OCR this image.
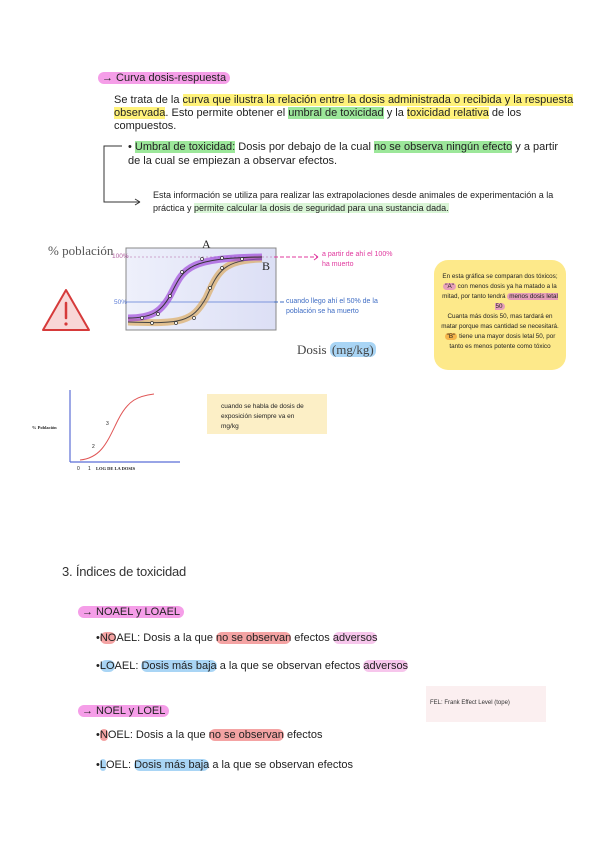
→ Curva dosis-respuesta

Se trata de la curva que ilustra la relación entre la dosis administrada o recibida y la respuesta observada. Esto permite obtener el umbral de toxicidad y la toxicidad relativa de los compuestos.

• Umbral de toxicidad: Dosis por debajo de la cual no se observa ningún efecto y a partir de la cual se empiezan a observar efectos.

Esta información se utiliza para realizar las extrapolaciones desde animales de experimentación a la práctica y permite calcular la dosis de seguridad para una sustancia dada.

% población
100%
50%
A
B

a partir de ahí el 100% ha muerto

cuando llego ahí el 50% de la población se ha muerto

Dosis (mg/kg)
En esta gráfica se comparan dos tóxicos;
"A" con menos dosis ya ha matado a la mitad, por tanto tendrá menos dosis letal 50
Cuanta más dosis 50, mas tardará en matar porque mas cantidad se necesitará.
"B" tiene una mayor dosis letal 50, por tanto es menos potente como tóxico
% Población
LOG DE LA DOSIS
0 1
2
3
cuando se habla de dosis de exposición siempre va en mg/kg
3. Índices de toxicidad
→ NOAEL y LOAEL

•NOAEL: Dosis a la que no se observan efectos adversos

•LOAEL: Dosis más baja a la que se observan efectos adversos

→ NOEL y LOEL

•NOEL: Dosis a la que no se observan efectos

•LOEL: Dosis más baja a la que se observan efectos

FEL: Frank Effect Level (tope)
